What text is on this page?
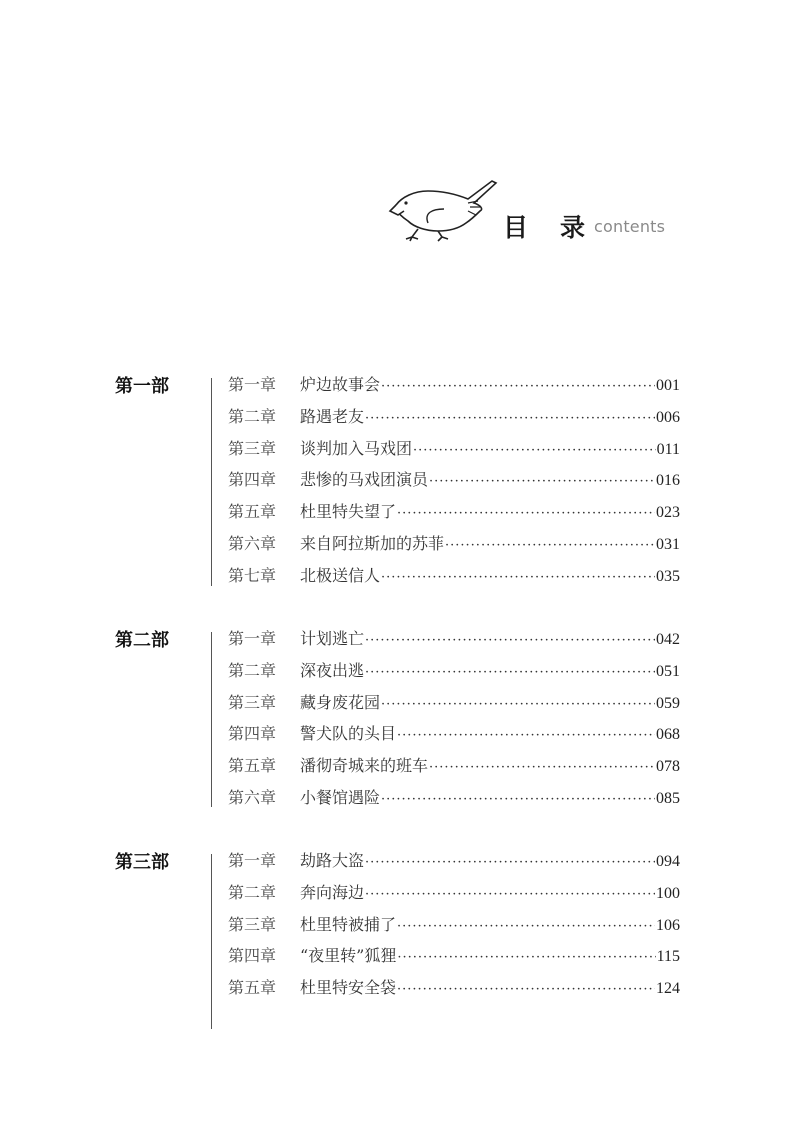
目 录 contents
第一部	第一章	炉边故事会 ·····	001
第二章	路遇老友 ·····	006
第三章	谈判加入马戏团 ·····	011
第四章	悲惨的马戏团演员 ·····	016
第五章	杜里特失望了 ·····	023
第六章	来自阿拉斯加的苏菲 ·····	031
第七章	北极送信人 ·····	035
第二部	第一章	计划逃亡 ·····	042
第二章	深夜出逃 ·····	051
第三章	藏身废花园 ·····	059
第四章	警犬队的头目 ·····	068
第五章	潘彻奇城来的班车 ·····	078
第六章	小餐馆遇险 ·····	085
第三部	第一章	劫路大盗 ·····	094
第二章	奔向海边 ·····	100
第三章	杜里特被捕了 ·····	106
第四章	“夜里转”狐狸 ·····	115
第五章	杜里特安全袋 ·····	124
